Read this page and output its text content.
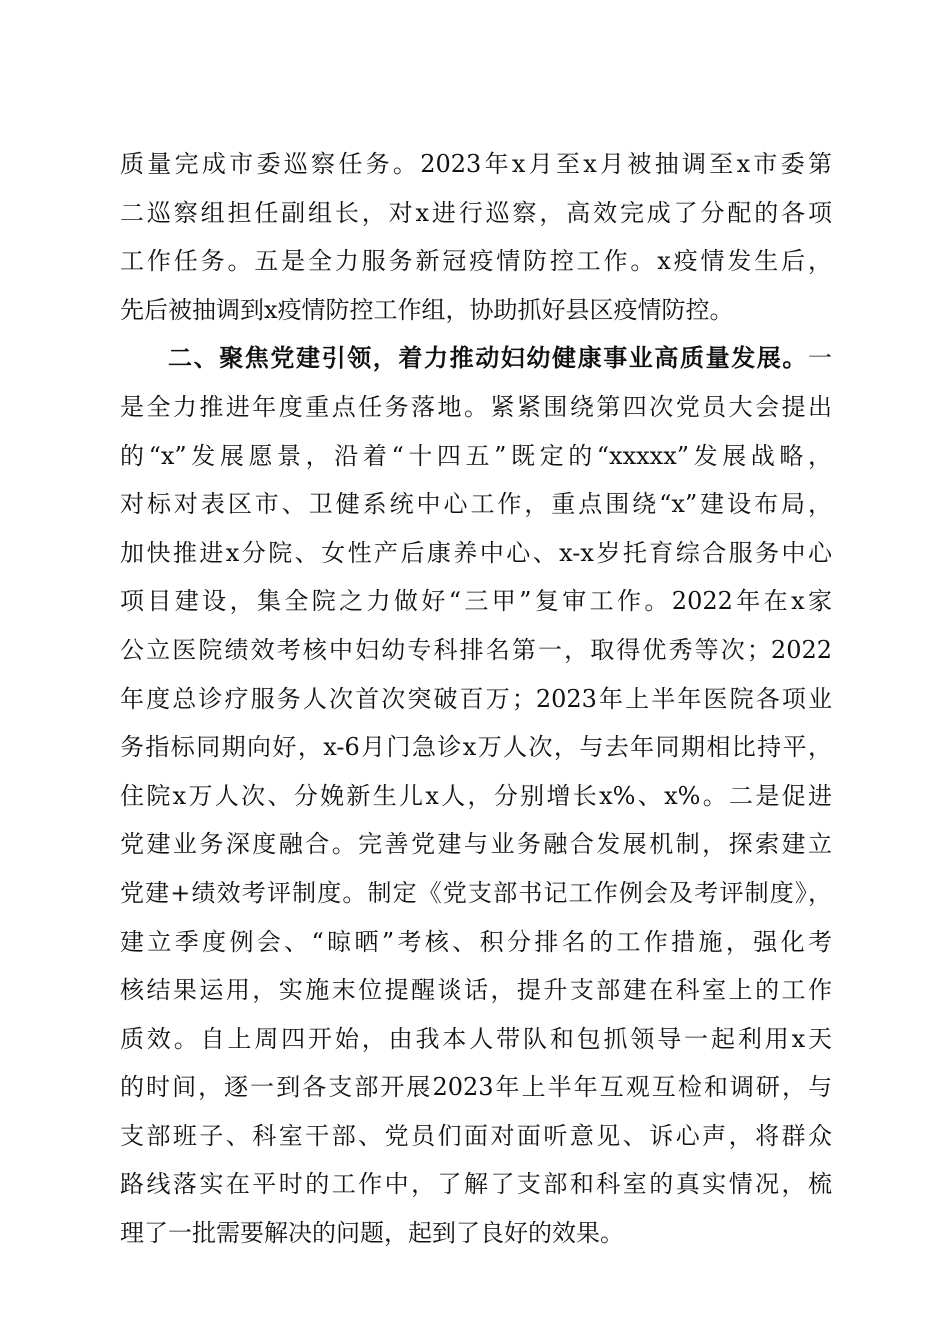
质量完成市委巡察任务。2023年x月至x月被抽调至x市委第
二巡察组担任副组长，对x进行巡察，高效完成了分配的各项
工作任务。五是全力服务新冠疫情防控工作。x疫情发生后，
先后被抽调到x疫情防控工作组，协助抓好县区疫情防控。
二、聚焦党建引领，着力推动妇幼健康事业高质量发展。一
是全力推进年度重点任务落地。紧紧围绕第四次党员大会提出
的“x”发展愿景，沿着“十四五”既定的“xxxxx”发展战略，
对标对表区市、卫健系统中心工作，重点围绕“x”建设布局，
加快推进x分院、女性产后康养中心、x-x岁托育综合服务中心
项目建设，集全院之力做好“三甲”复审工作。2022年在x家
公立医院绩效考核中妇幼专科排名第一，取得优秀等次；2022
年度总诊疗服务人次首次突破百万；2023年上半年医院各项业
务指标同期向好，x-6月门急诊x万人次，与去年同期相比持平，
住院x万人次、分娩新生儿x人，分别增长x%、x%。二是促进
党建业务深度融合。完善党建与业务融合发展机制，探索建立
党建+绩效考评制度。制定《党支部书记工作例会及考评制度》，
建立季度例会、“晾晒”考核、积分排名的工作措施，强化考
核结果运用，实施末位提醒谈话，提升支部建在科室上的工作
质效。自上周四开始，由我本人带队和包抓领导一起利用x天
的时间，逐一到各支部开展2023年上半年互观互检和调研，与
支部班子、科室干部、党员们面对面听意见、诉心声，将群众
路线落实在平时的工作中，了解了支部和科室的真实情况，梳
理了一批需要解决的问题，起到了良好的效果。
